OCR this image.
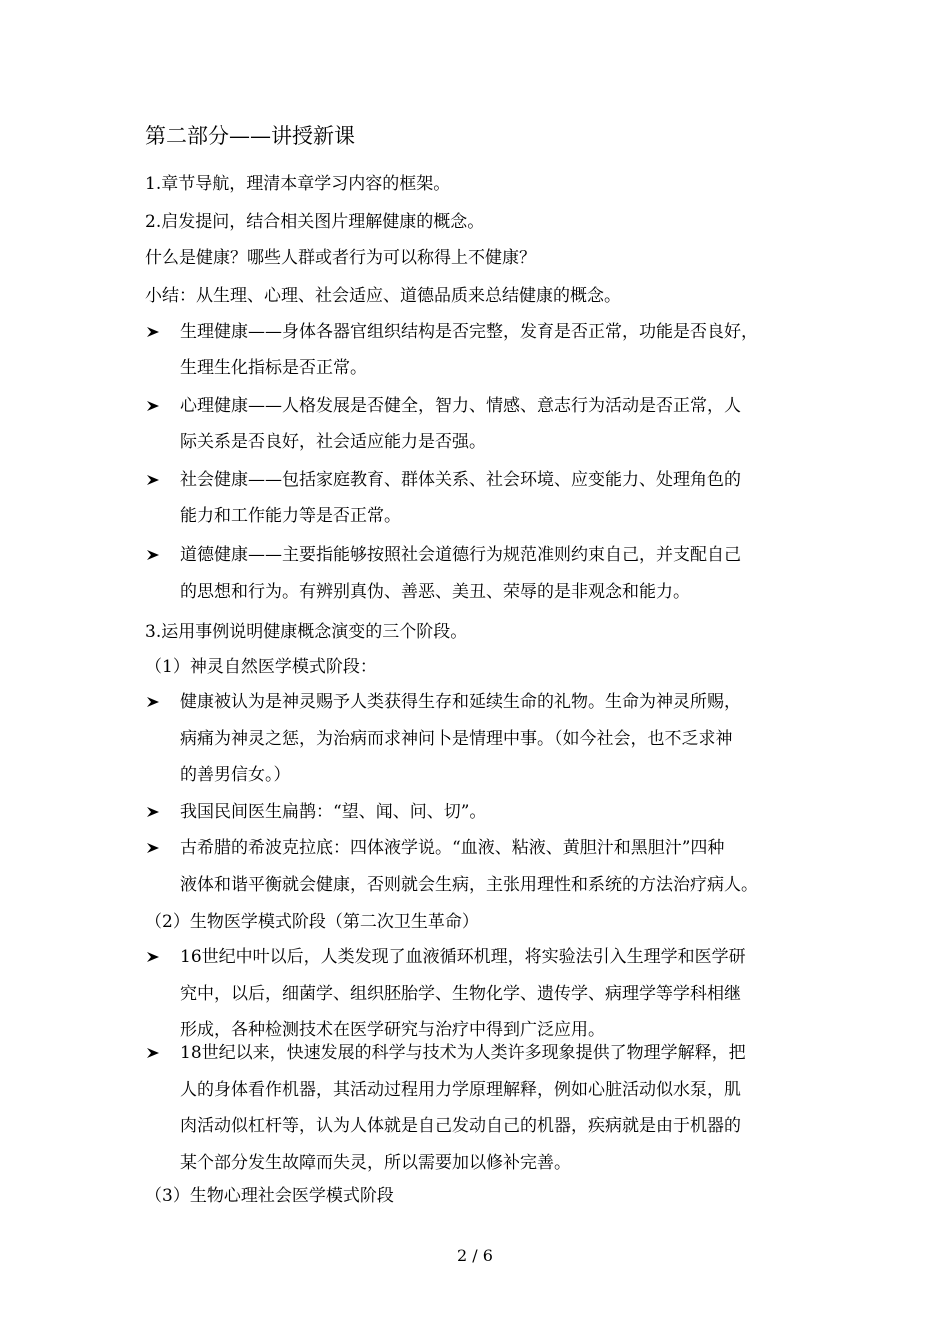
第二部分——讲授新课
1.章节导航，理清本章学习内容的框架。
2.启发提问，结合相关图片理解健康的概念。
什么是健康？哪些人群或者行为可以称得上不健康？
小结：从生理、心理、社会适应、道德品质来总结健康的概念。
生理健康——身体各器官组织结构是否完整，发育是否正常，功能是否良好，
生理生化指标是否正常。
心理健康——人格发展是否健全，智力、情感、意志行为活动是否正常，人
际关系是否良好，社会适应能力是否强。
社会健康——包括家庭教育、群体关系、社会环境、应变能力、处理角色的
能力和工作能力等是否正常。
道德健康——主要指能够按照社会道德行为规范准则约束自己，并支配自己
的思想和行为。有辨别真伪、善恶、美丑、荣辱的是非观念和能力。
3.运用事例说明健康概念演变的三个阶段。
（1）神灵自然医学模式阶段：
健康被认为是神灵赐予人类获得生存和延续生命的礼物。生命为神灵所赐，
病痛为神灵之惩，为治病而求神问卜是情理中事。（如今社会，也不乏求神
的善男信女。）
我国民间医生扁鹊：“望、闻、问、切”。
古希腊的希波克拉底：四体液学说。“血液、粘液、黄胆汁和黑胆汁”四种
液体和谐平衡就会健康，否则就会生病，主张用理性和系统的方法治疗病人。
（2）生物医学模式阶段（第二次卫生革命）
16世纪中叶以后，人类发现了血液循环机理，将实验法引入生理学和医学研
究中，以后，细菌学、组织胚胎学、生物化学、遗传学、病理学等学科相继
形成，各种检测技术在医学研究与治疗中得到广泛应用。
18世纪以来，快速发展的科学与技术为人类许多现象提供了物理学解释，把
人的身体看作机器，其活动过程用力学原理解释，例如心脏活动似水泵，肌
肉活动似杠杆等，认为人体就是自己发动自己的机器，疾病就是由于机器的
某个部分发生故障而失灵，所以需要加以修补完善。
（3）生物心理社会医学模式阶段
2 / 6
